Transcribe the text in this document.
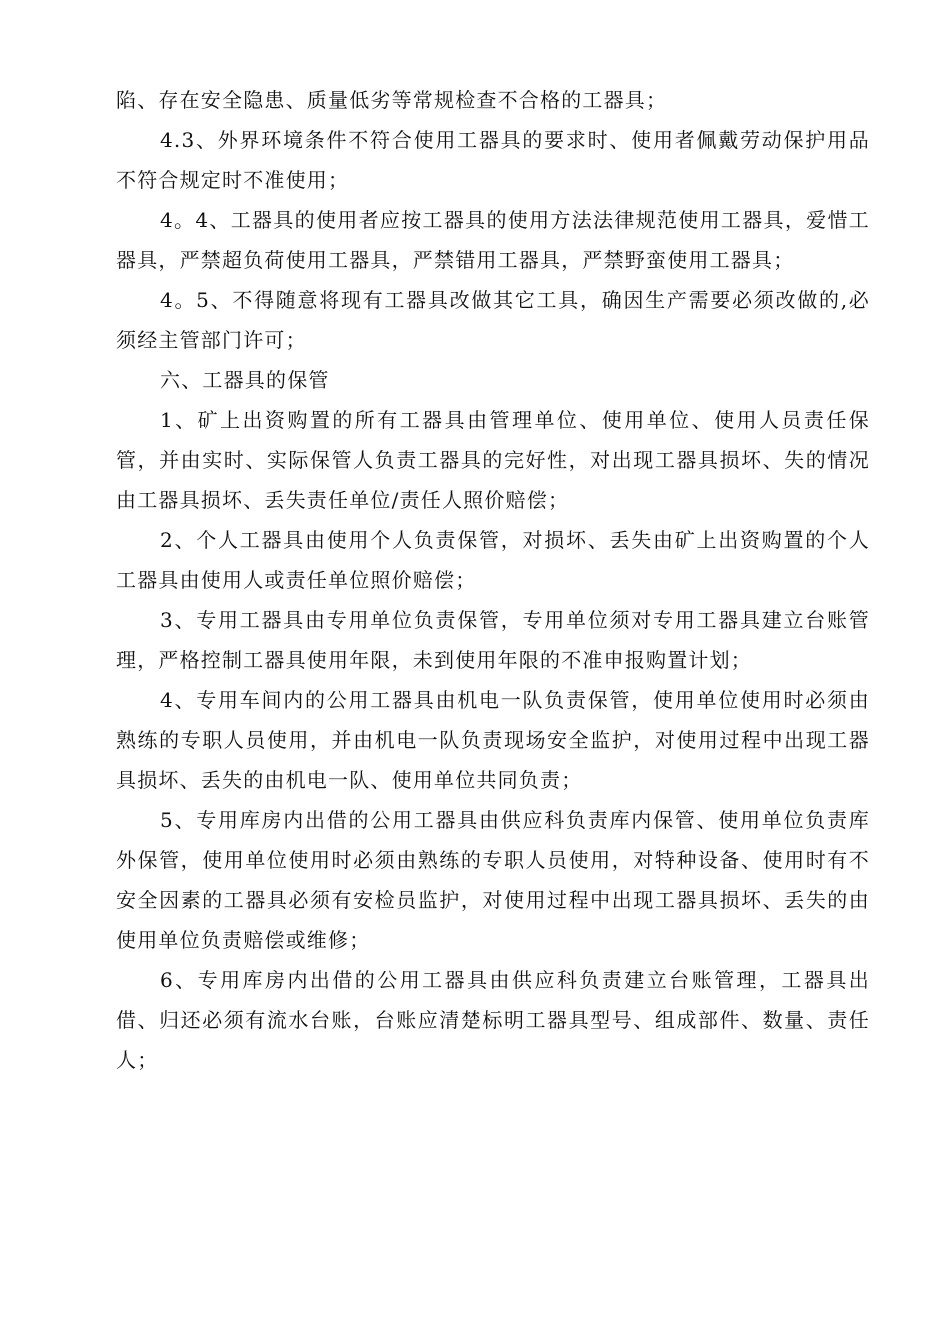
陷、存在安全隐患、质量低劣等常规检查不合格的工器具；

4.3、外界环境条件不符合使用工器具的要求时、使用者佩戴劳动保护用品不符合规定时不准使用；

4。4、工器具的使用者应按工器具的使用方法法律规范使用工器具，爱惜工器具，严禁超负荷使用工器具，严禁错用工器具，严禁野蛮使用工器具；

4。5、不得随意将现有工器具改做其它工具，确因生产需要必须改做的,必须经主管部门许可；

六、工器具的保管

1、矿上出资购置的所有工器具由管理单位、使用单位、使用人员责任保管，并由实时、实际保管人负责工器具的完好性，对出现工器具损坏、失的情况由工器具损坏、丢失责任单位/责任人照价赔偿；

2、个人工器具由使用个人负责保管，对损坏、丢失由矿上出资购置的个人工器具由使用人或责任单位照价赔偿；

3、专用工器具由专用单位负责保管，专用单位须对专用工器具建立台账管理，严格控制工器具使用年限，未到使用年限的不准申报购置计划；

4、专用车间内的公用工器具由机电一队负责保管，使用单位使用时必须由熟练的专职人员使用，并由机电一队负责现场安全监护，对使用过程中出现工器具损坏、丢失的由机电一队、使用单位共同负责；

5、专用库房内出借的公用工器具由供应科负责库内保管、使用单位负责库外保管，使用单位使用时必须由熟练的专职人员使用，对特种设备、使用时有不安全因素的工器具必须有安检员监护，对使用过程中出现工器具损坏、丢失的由使用单位负责赔偿或维修；

6、专用库房内出借的公用工器具由供应科负责建立台账管理，工器具出借、归还必须有流水台账，台账应清楚标明工器具型号、组成部件、数量、责任人；
